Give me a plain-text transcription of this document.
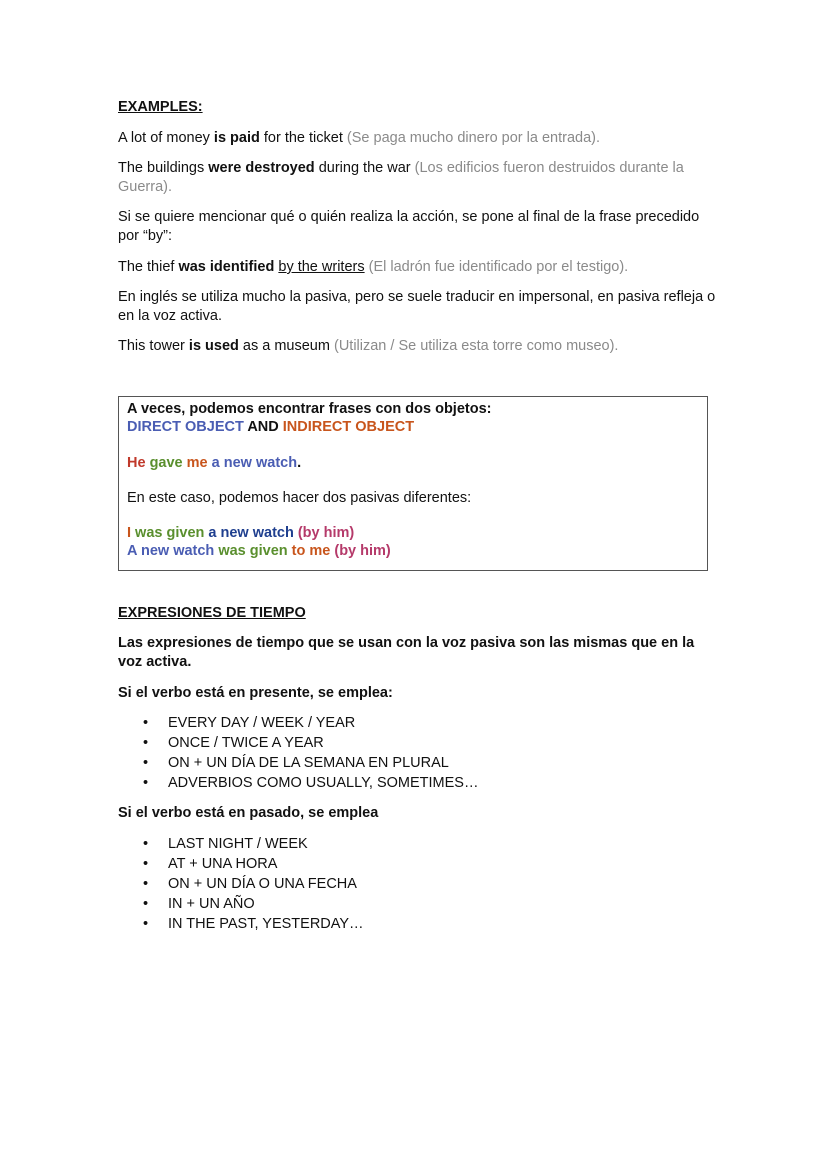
EXAMPLES:

A lot of money is paid for the ticket (Se paga mucho dinero por la entrada).

The buildings were destroyed during the war (Los edificios fueron destruidos durante la Guerra).

Si se quiere mencionar qué o quién realiza la acción, se pone al final de la frase precedido por “by”:

The thief was identified by the writers (El ladrón fue identificado por el testigo).

En inglés se utiliza mucho la pasiva, pero se suele traducir en impersonal, en pasiva refleja o en la voz activa.

This tower is used as a museum (Utilizan / Se utiliza esta torre como museo).

A veces, podemos encontrar frases con dos objetos:

DIRECT OBJECT AND INDIRECT OBJECT

He gave me a new watch.

En este caso, podemos hacer dos pasivas diferentes:

I was given a new watch (by him)

A new watch was given to me (by him)

EXPRESIONES DE TIEMPO

Las expresiones de tiempo que se usan con la voz pasiva son las mismas que en la voz activa.

Si el verbo está en presente, se emplea:

• EVERY DAY / WEEK / YEAR
• ONCE / TWICE A YEAR
• ON + UN DÍA DE LA SEMANA EN PLURAL
• ADVERBIOS COMO USUALLY, SOMETIMES…

Si el verbo está en pasado, se emplea

• LAST NIGHT / WEEK
• AT + UNA HORA
• ON + UN DÍA O UNA FECHA
• IN + UN AÑO
• IN THE PAST, YESTERDAY…
